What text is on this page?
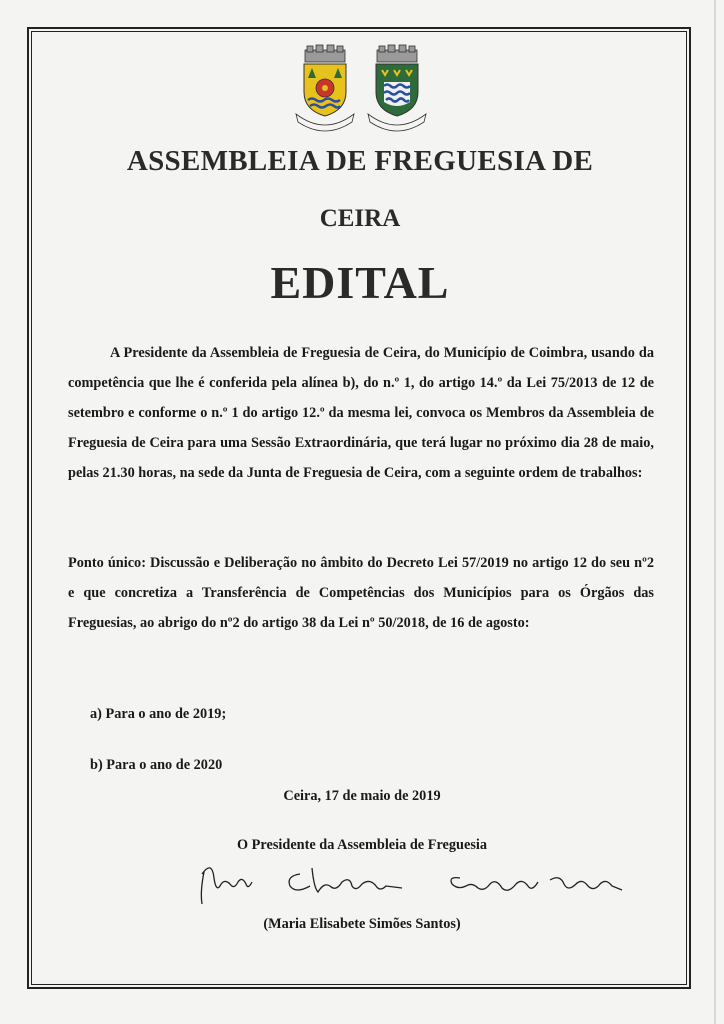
ASSEMBLEIA DE FREGUESIA DE
CEIRA
EDITAL

A Presidente da Assembleia de Freguesia de Ceira, do Município de Coimbra, usando da competência que lhe é conferida pela alínea b), do n.º 1, do artigo 14.º da Lei 75/2013 de 12 de setembro e conforme o n.º 1 do artigo 12.º da mesma lei, convoca os Membros da Assembleia de Freguesia de Ceira para uma Sessão Extraordinária, que terá lugar no próximo dia 28 de maio, pelas 21.30 horas, na sede da Junta de Freguesia de Ceira, com a seguinte ordem de trabalhos:

Ponto único: Discussão e Deliberação no âmbito do Decreto Lei 57/2019 no artigo 12 do seu nº2 e que concretiza a Transferência de Competências dos Municípios para os Órgãos das Freguesias, ao abrigo do nº2 do artigo 38 da Lei nº 50/2018, de 16 de agosto:

a) Para o ano de 2019;

b) Para o ano de 2020

Ceira, 17 de maio de 2019

O Presidente da Assembleia de Freguesia

(Maria Elisabete Simões Santos)
